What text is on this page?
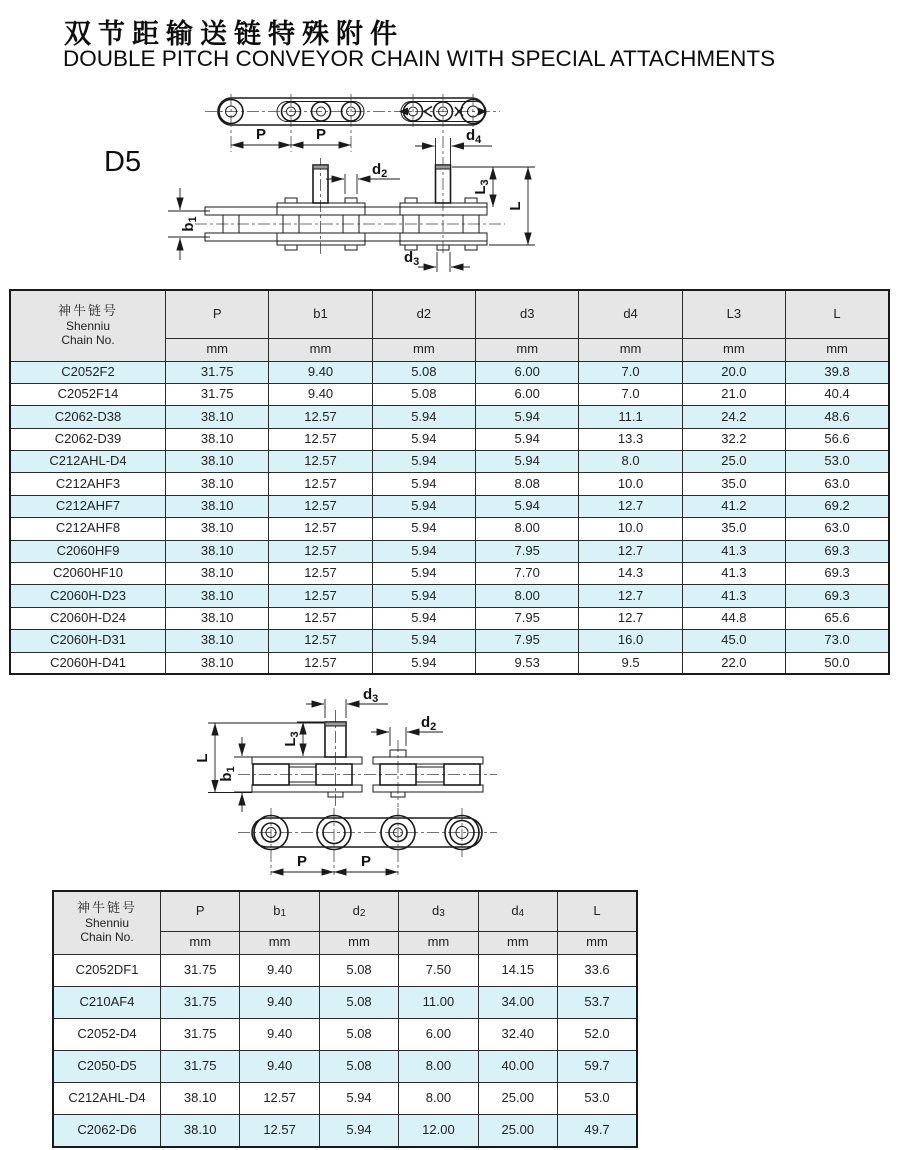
双节距输送链特殊附件
DOUBLE PITCH CONVEYOR CHAIN WITH SPECIAL ATTACHMENTS
D5
P	P	$d_4$
$b_1$
$d_2$
$d_3$
$L_3$
L
$d_3$
$L_3$
$d_2$
L
$b_1$
P	P
神牛链号
Shenniu
Chain No.	P	b1	d2	d3	d4	L3	L
	mm	mm	mm	mm	mm	mm	mm
C2052F2	31.75	9.40	5.08	6.00	7.0	20.0	39.8
C2052F14	31.75	9.40	5.08	6.00	7.0	21.0	40.4
C2062-D38	38.10	12.57	5.94	5.94	11.1	24.2	48.6
C2062-D39	38.10	12.57	5.94	5.94	13.3	32.2	56.6
C212AHL-D4	38.10	12.57	5.94	5.94	8.0	25.0	53.0
C212AHF3	38.10	12.57	5.94	8.08	10.0	35.0	63.0
C212AHF7	38.10	12.57	5.94	5.94	12.7	41.2	69.2
C212AHF8	38.10	12.57	5.94	8.00	10.0	35.0	63.0
C2060HF9	38.10	12.57	5.94	7.95	12.7	41.3	69.3
C2060HF10	38.10	12.57	5.94	7.70	14.3	41.3	69.3
C2060H-D23	38.10	12.57	5.94	8.00	12.7	41.3	69.3
C2060H-D24	38.10	12.57	5.94	7.95	12.7	44.8	65.6
C2060H-D31	38.10	12.57	5.94	7.95	16.0	45.0	73.0
C2060H-D41	38.10	12.57	5.94	9.53	9.5	22.0	50.0
神牛链号
Shenniu
Chain No.	P	b1	d2	d3	d4	L
	mm	mm	mm	mm	mm	mm
C2052DF1	31.75	9.40	5.08	7.50	14.15	33.6
C210AF4	31.75	9.40	5.08	11.00	34.00	53.7
C2052-D4	31.75	9.40	5.08	6.00	32.40	52.0
C2050-D5	31.75	9.40	5.08	8.00	40.00	59.7
C212AHL-D4	38.10	12.57	5.94	8.00	25.00	53.0
C2062-D6	38.10	12.57	5.94	12.00	25.00	49.7
